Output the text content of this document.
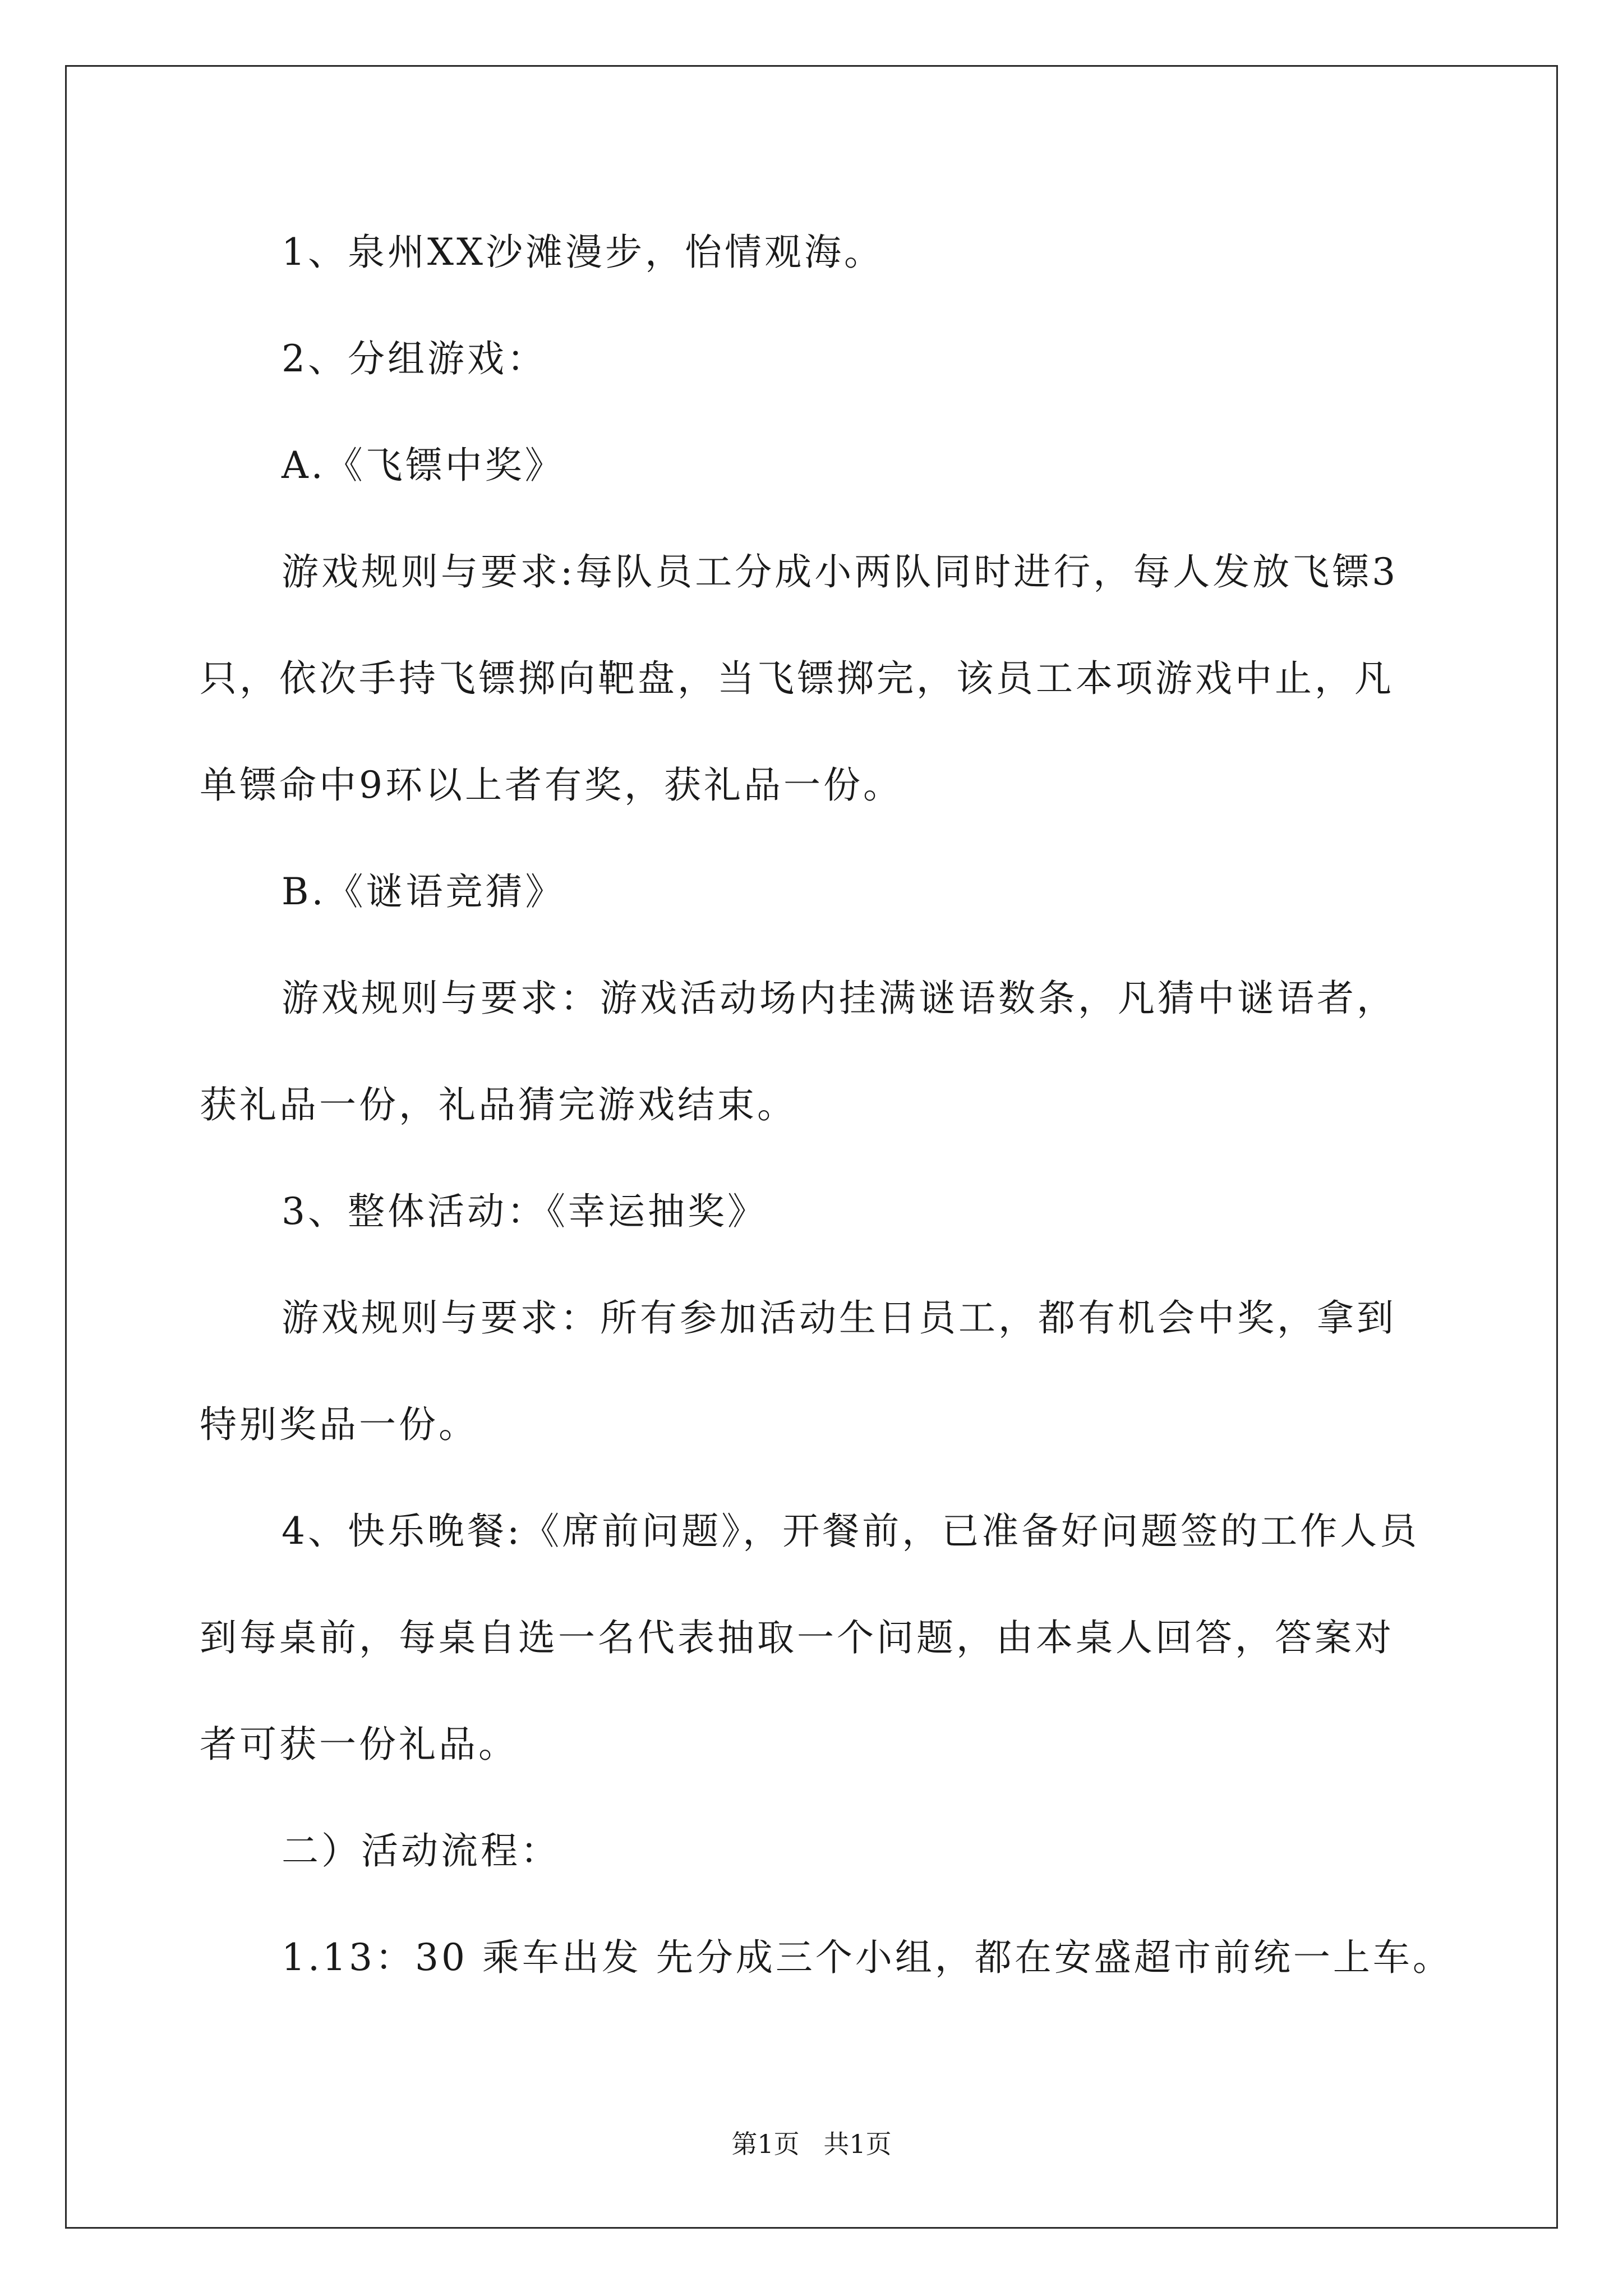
1、泉州XX沙滩漫步，怡情观海。
2、分组游戏：
A.《飞镖中奖》
游戏规则与要求:每队员工分成小两队同时进行，每人发放飞镖3
只，依次手持飞镖掷向靶盘，当飞镖掷完，该员工本项游戏中止，凡
单镖命中9环以上者有奖，获礼品一份。
B.《谜语竞猜》
游戏规则与要求：游戏活动场内挂满谜语数条，凡猜中谜语者，
获礼品一份，礼品猜完游戏结束。
3、整体活动：《幸运抽奖》
游戏规则与要求：所有参加活动生日员工，都有机会中奖，拿到
特别奖品一份。
4、快乐晚餐:《席前问题》，开餐前，已准备好问题签的工作人员
到每桌前，每桌自选一名代表抽取一个问题，由本桌人回答，答案对
者可获一份礼品。
二）活动流程：
1.13：30 乘车出发 先分成三个小组，都在安盛超市前统一上车。
第1页 共1页
